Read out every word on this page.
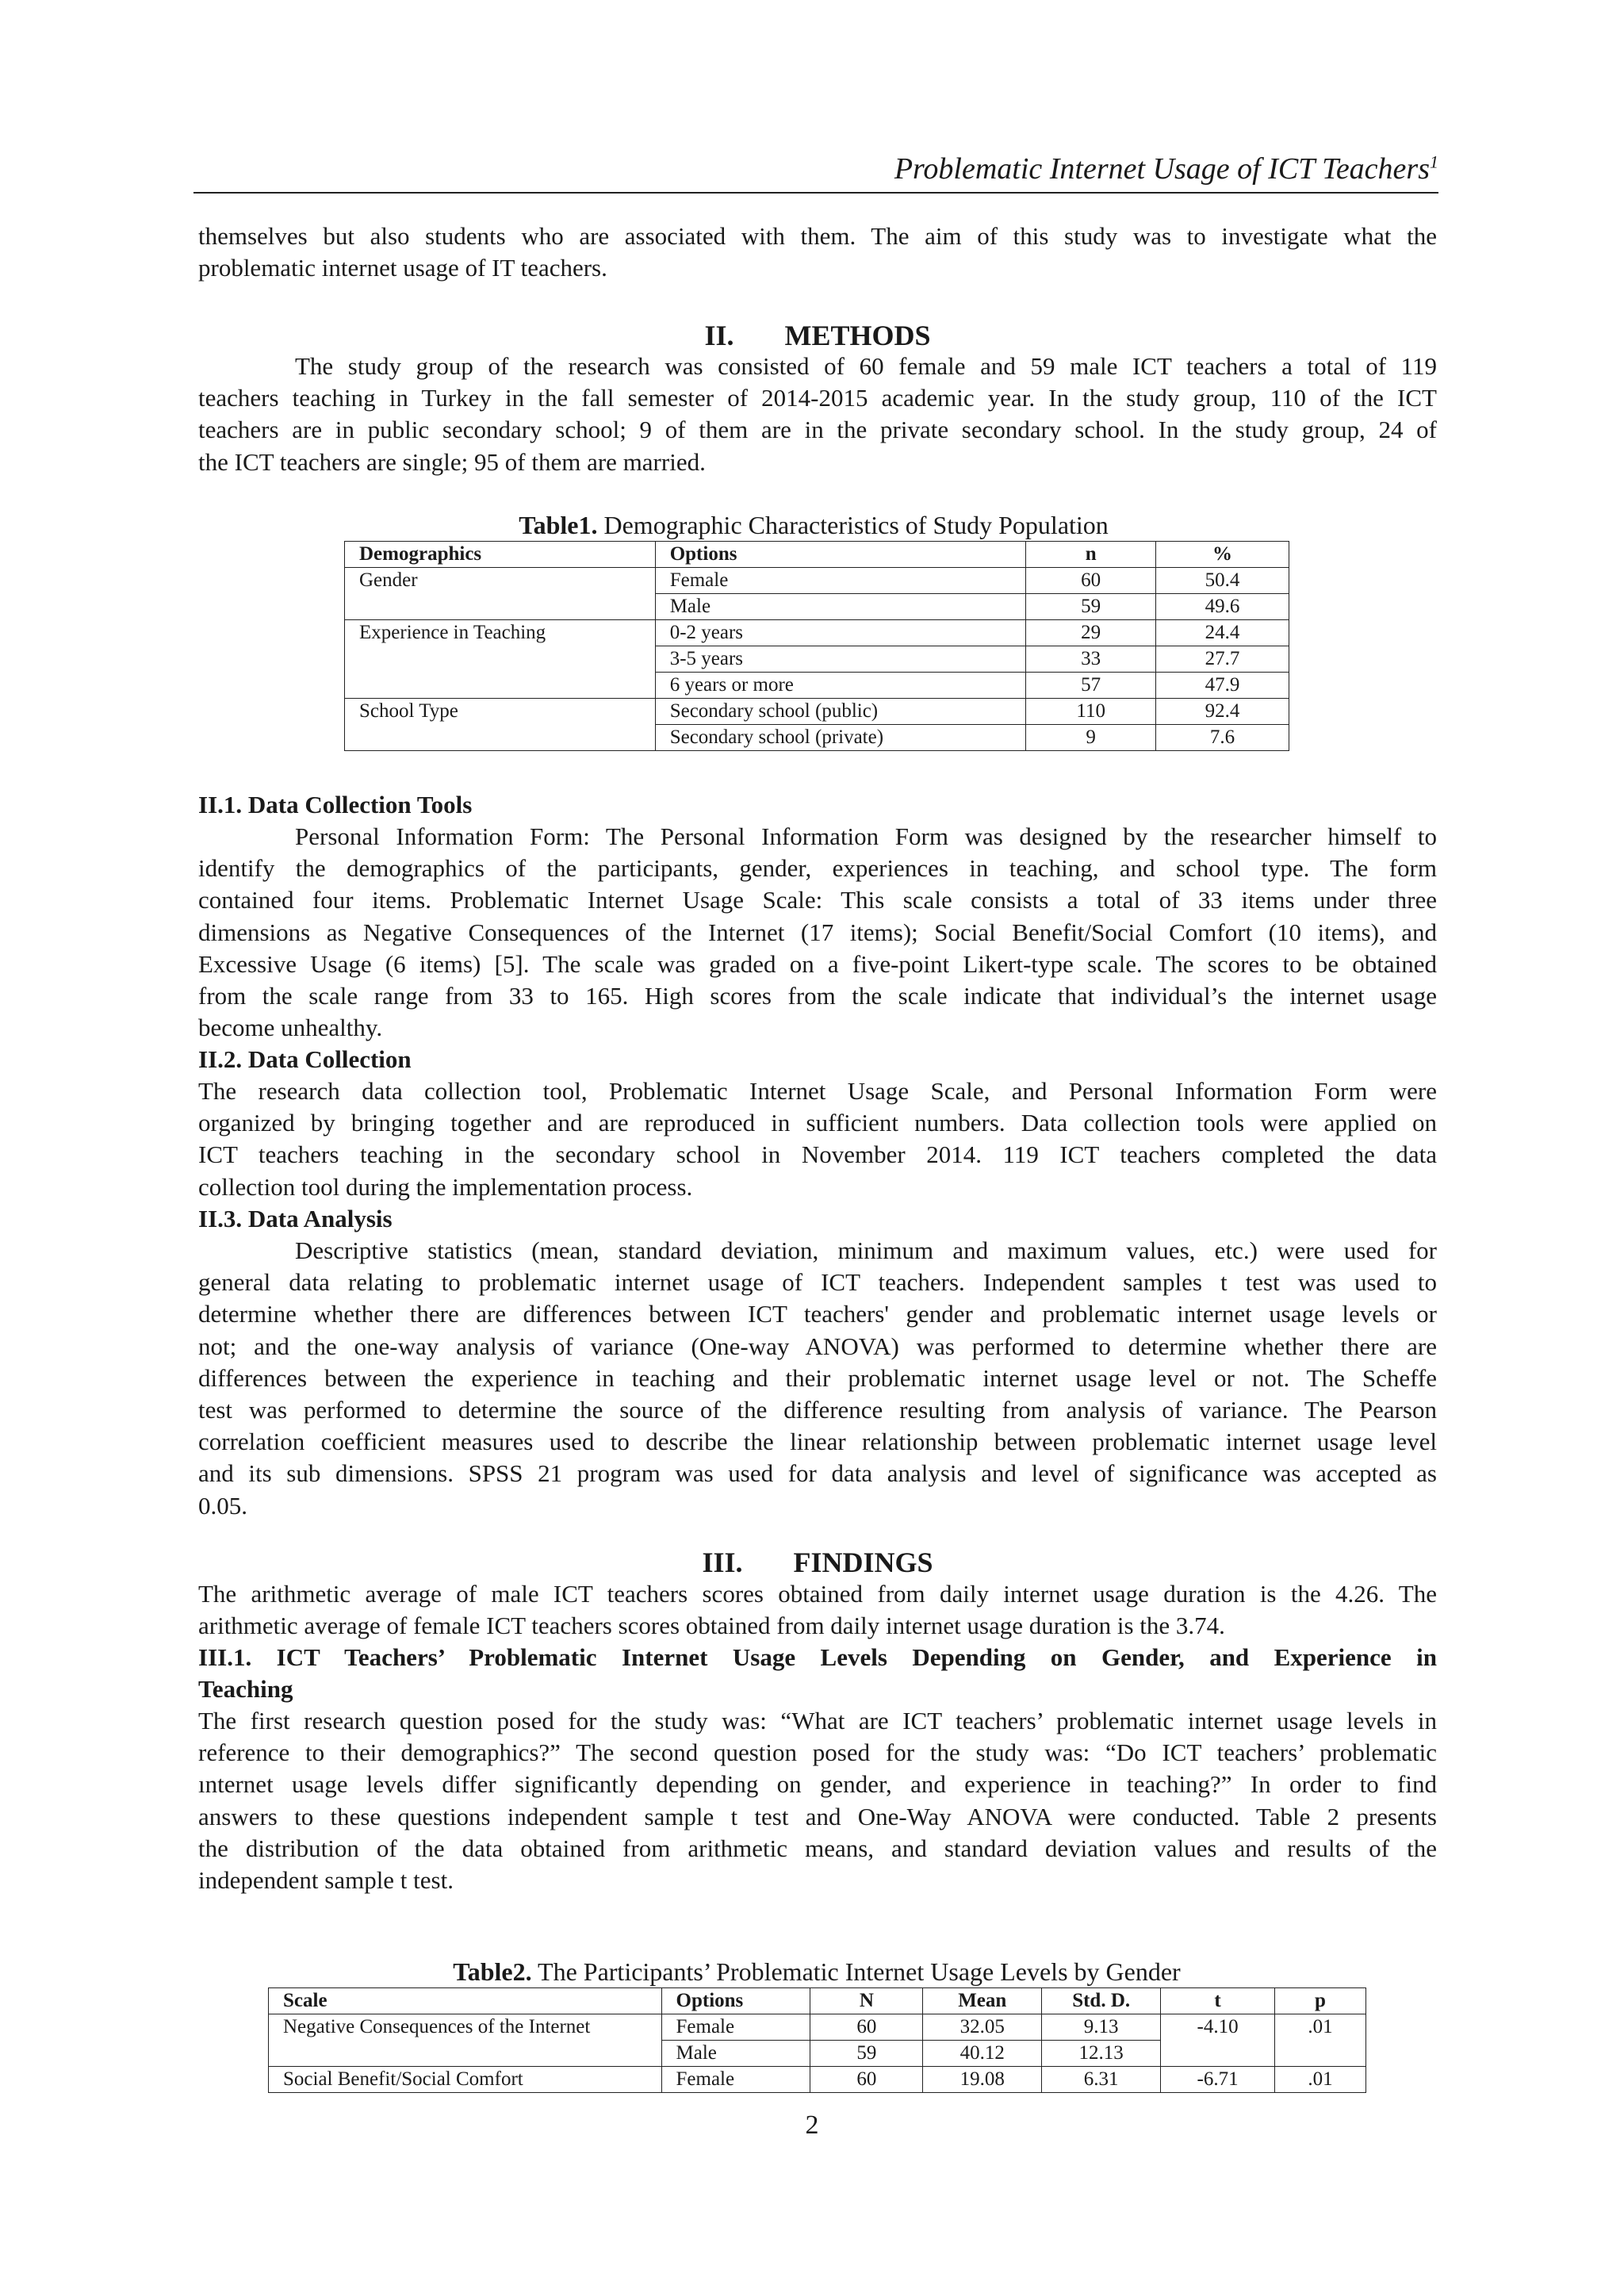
Problematic Internet Usage of ICT Teachers$^1$
themselves but also students who are associated with them. The aim of this study was to investigate what the
problematic internet usage of IT teachers.
II. METHODS
The study group of the research was consisted of 60 female and 59 male ICT teachers a total of 119
teachers teaching in Turkey in the fall semester of 2014-2015 academic year. In the study group, 110 of the ICT
teachers are in public secondary school; 9 of them are in the private secondary school. In the study group, 24 of
the ICT teachers are single; 95 of them are married.
Table1. Demographic Characteristics of Study Population
Demographics	Options	n	%
Gender	Female	60	50.4
	Male	59	49.6
Experience in Teaching	0-2 years	29	24.4
	3-5 years	33	27.7
	6 years or more	57	47.9
School Type	Secondary school (public)	110	92.4
	Secondary school (private)	9	7.6
II.1. Data Collection Tools
Personal Information Form: The Personal Information Form was designed by the researcher himself to
identify the demographics of the participants, gender, experiences in teaching, and school type. The form
contained four items. Problematic Internet Usage Scale: This scale consists a total of 33 items under three
dimensions as Negative Consequences of the Internet (17 items); Social Benefit/Social Comfort (10 items), and
Excessive Usage (6 items) [5]. The scale was graded on a five-point Likert-type scale. The scores to be obtained
from the scale range from 33 to 165. High scores from the scale indicate that individual’s the internet usage
become unhealthy.
II.2. Data Collection
The research data collection tool, Problematic Internet Usage Scale, and Personal Information Form were
organized by bringing together and are reproduced in sufficient numbers. Data collection tools were applied on
ICT teachers teaching in the secondary school in November 2014. 119 ICT teachers completed the data
collection tool during the implementation process.
II.3. Data Analysis
Descriptive statistics (mean, standard deviation, minimum and maximum values, etc.) were used for
general data relating to problematic internet usage of ICT teachers. Independent samples t test was used to
determine whether there are differences between ICT teachers' gender and problematic internet usage levels or
not; and the one-way analysis of variance (One-way ANOVA) was performed to determine whether there are
differences between the experience in teaching and their problematic internet usage level or not. The Scheffe
test was performed to determine the source of the difference resulting from analysis of variance. The Pearson
correlation coefficient measures used to describe the linear relationship between problematic internet usage level
and its sub dimensions. SPSS 21 program was used for data analysis and level of significance was accepted as
0.05.
III. FINDINGS
The arithmetic average of male ICT teachers scores obtained from daily internet usage duration is the 4.26. The
arithmetic average of female ICT teachers scores obtained from daily internet usage duration is the 3.74.
III.1. ICT Teachers’ Problematic Internet Usage Levels Depending on Gender, and Experience in
Teaching
The first research question posed for the study was: “What are ICT teachers’ problematic internet usage levels in
reference to their demographics?” The second question posed for the study was: “Do ICT teachers’ problematic
ınternet usage levels differ significantly depending on gender, and experience in teaching?” In order to find
answers to these questions independent sample t test and One-Way ANOVA were conducted. Table 2 presents
the distribution of the data obtained from arithmetic means, and standard deviation values and results of the
independent sample t test.
Table2. The Participants’ Problematic Internet Usage Levels by Gender
Scale	Options	N	Mean	Std. D.	t	p
Negative Consequences of the Internet	Female	60	32.05	9.13	-4.10	.01
	Male	59	40.12	12.13		
Social Benefit/Social Comfort	Female	60	19.08	6.31	-6.71	.01
2
